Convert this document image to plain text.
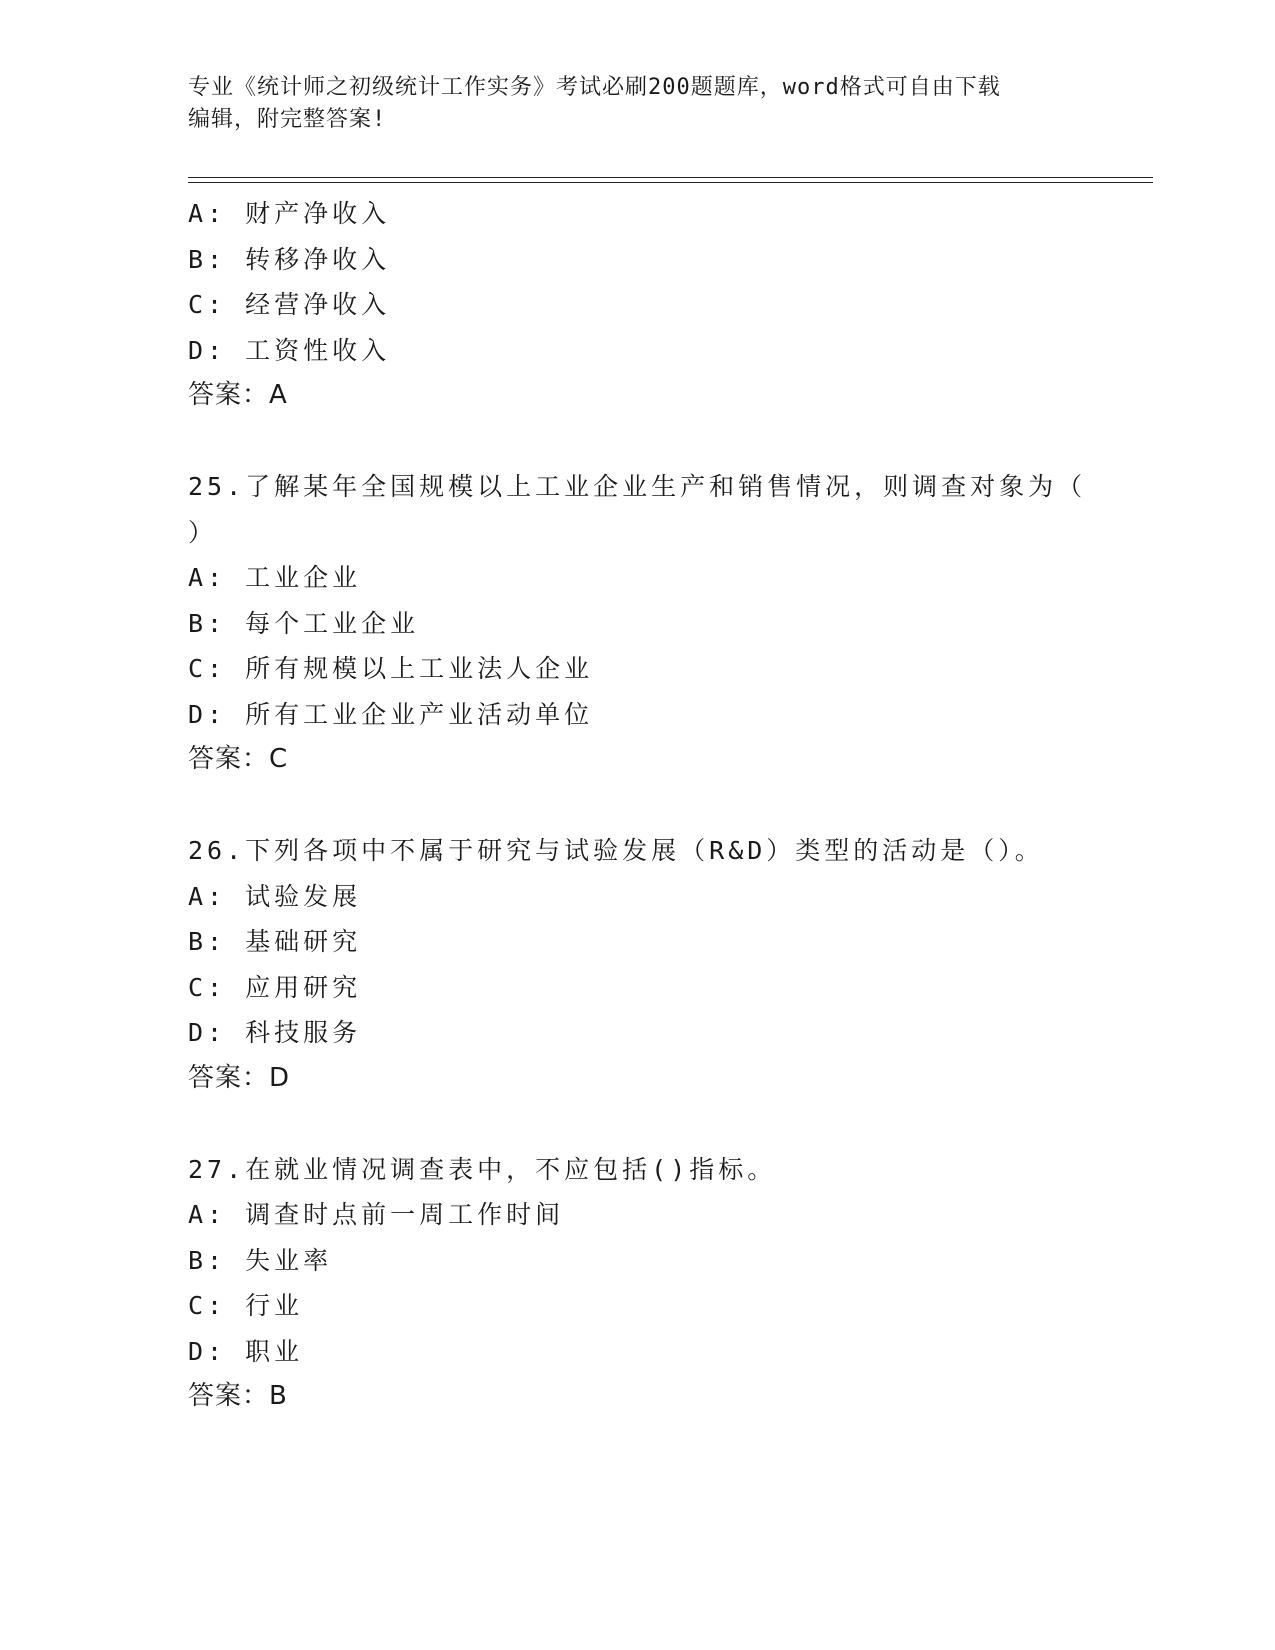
专业《统计师之初级统计工作实务》考试必刷200题题库，word格式可自由下载
编辑，附完整答案!
A: 财产净收入
B: 转移净收入
C: 经营净收入
D: 工资性收入
答案：A
25.了解某年全国规模以上工业企业生产和销售情况，则调查对象为（
）
A: 工业企业
B: 每个工业企业
C: 所有规模以上工业法人企业
D: 所有工业企业产业活动单位
答案：C
26.下列各项中不属于研究与试验发展（R&D）类型的活动是（）。
A: 试验发展
B: 基础研究
C: 应用研究
D: 科技服务
答案：D
27.在就业情况调查表中，不应包括()指标。
A: 调查时点前一周工作时间
B: 失业率
C: 行业
D: 职业
答案：B
